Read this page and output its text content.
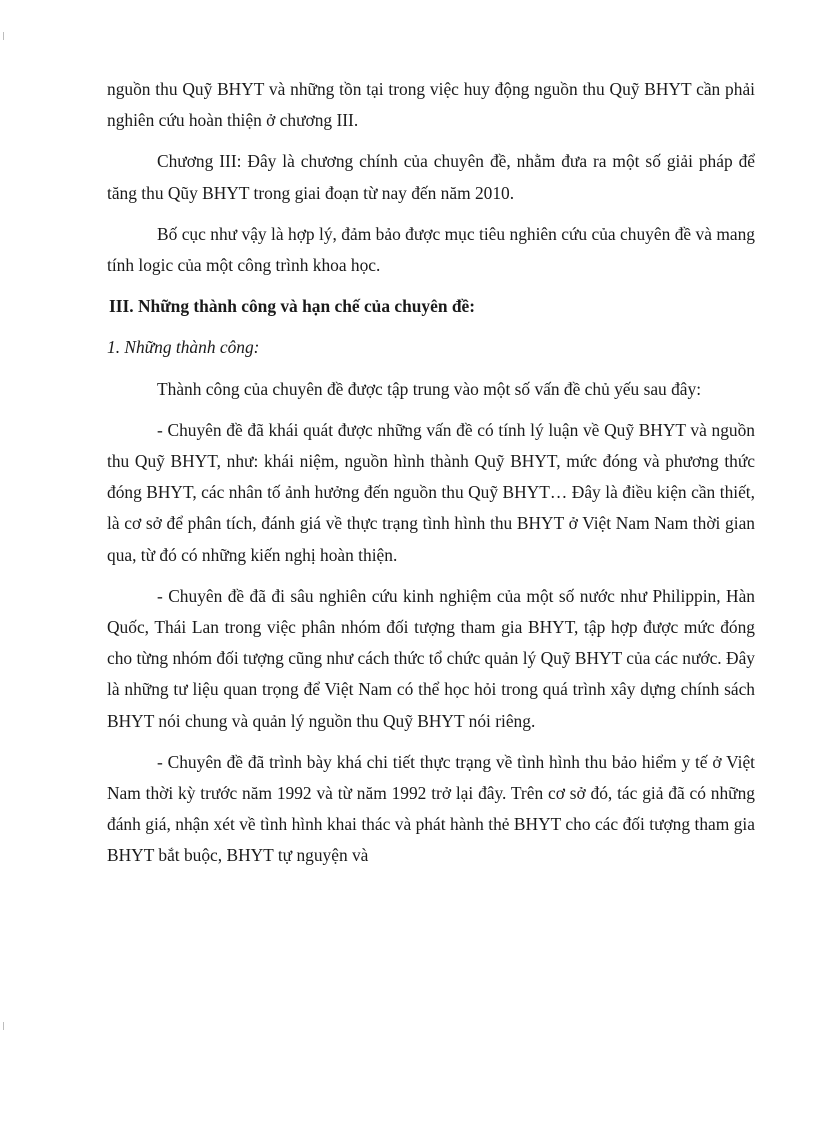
nguồn thu Quỹ BHYT và những tồn tại trong việc huy động nguồn thu Quỹ BHYT cần phải nghiên cứu hoàn thiện ở chương III.

Chương III: Đây là chương chính của chuyên đề, nhằm đưa ra một số giải pháp để tăng thu Qũy BHYT trong giai đoạn từ nay đến năm 2010.

Bố cục như vậy là hợp lý, đảm bảo được mục tiêu nghiên cứu của chuyên đề và mang tính logic của một công trình khoa học.

III. Những thành công và hạn chế của chuyên đề:
1. Những thành công:

Thành công của chuyên đề được tập trung vào một số vấn đề chủ yếu sau đây:

- Chuyên đề đã khái quát được những vấn đề có tính lý luận về Quỹ BHYT và nguồn thu Quỹ BHYT, như: khái niệm, nguồn hình thành Quỹ BHYT, mức đóng và phương thức đóng BHYT, các nhân tố ảnh hưởng đến nguồn thu Quỹ BHYT… Đây là điều kiện cần thiết, là cơ sở để phân tích, đánh giá về thực trạng tình hình thu BHYT ở Việt Nam Nam thời gian qua, từ đó có những kiến nghị hoàn thiện.

- Chuyên đề đã đi sâu nghiên cứu kinh nghiệm của một số nước như Philippin, Hàn Quốc, Thái Lan trong việc phân nhóm đối tượng tham gia BHYT, tập hợp được mức đóng cho từng nhóm đối tượng cũng như cách thức tổ chức quản lý Quỹ BHYT của các nước. Đây là những tư liệu quan trọng để Việt Nam có thể học hỏi trong quá trình xây dựng chính sách BHYT nói chung và quản lý nguồn thu Quỹ BHYT nói riêng.

- Chuyên đề đã trình bày khá chi tiết thực trạng về tình hình thu bảo hiểm y tế ở Việt Nam thời kỳ trước năm 1992 và từ năm 1992 trở lại đây. Trên cơ sở đó, tác giả đã có những đánh giá, nhận xét về tình hình khai thác và phát hành thẻ BHYT cho các đối tượng tham gia BHYT bắt buộc, BHYT tự nguyện và
